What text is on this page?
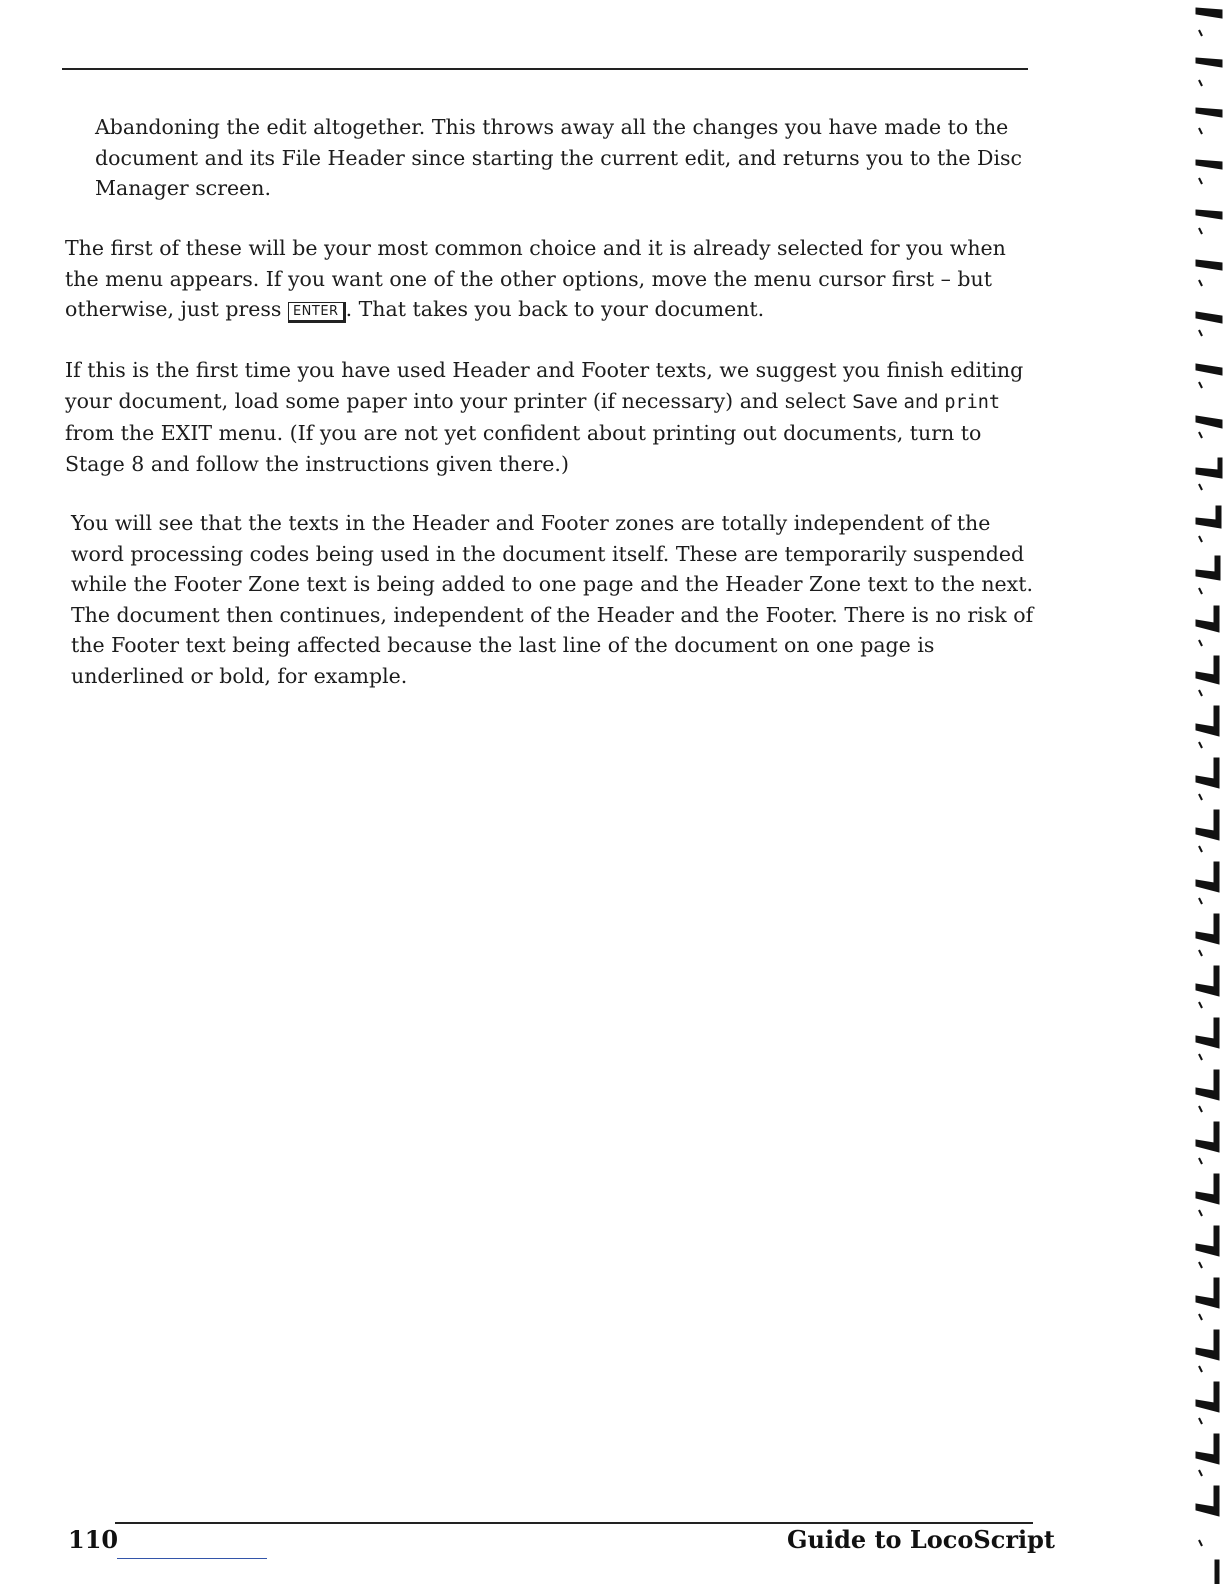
Abandoning the edit altogether. This throws away all the changes you have made to the document and its File Header since starting the current edit, and returns you to the Disc Manager screen.

The first of these will be your most common choice and it is already selected for you when the menu appears. If you want one of the other options, move the menu cursor first – but otherwise, just press ENTER . That takes you back to your document.

If this is the first time you have used Header and Footer texts, we suggest you finish editing your document, load some paper into your printer (if necessary) and select Save and print from the EXIT menu. (If you are not yet confident about printing out documents, turn to Stage 8 and follow the instructions given there.)

You will see that the texts in the Header and Footer zones are totally independent of the word processing codes being used in the document itself. These are temporarily suspended while the Footer Zone text is being added to one page and the Header Zone text to the next. The document then continues, independent of the Header and the Footer. There is no risk of the Footer text being affected because the last line of the document on one page is underlined or bold, for example.

110	Guide to LocoScript
